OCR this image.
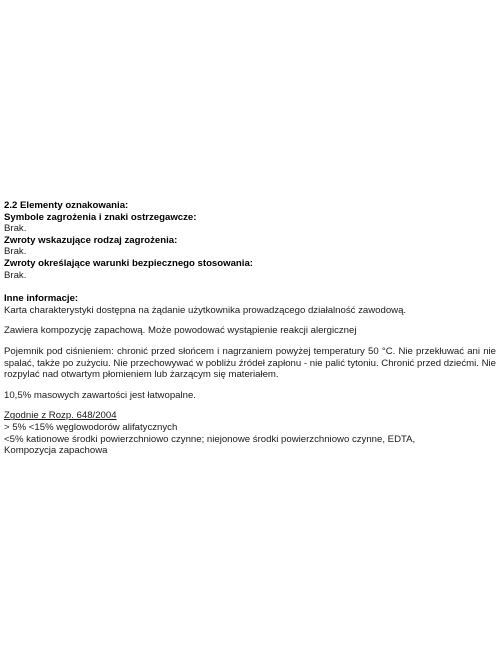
2.2 Elementy oznakowania:
Symbole zagrożenia i znaki ostrzegawcze:
Brak.
Zwroty wskazujące rodzaj zagrożenia:
Brak.
Zwroty określające warunki bezpiecznego stosowania:
Brak.
Inne informacje:
Karta charakterystyki dostępna na żądanie użytkownika prowadzącego działalność zawodową.
Zawiera kompozycję zapachową. Może powodować wystąpienie reakcji alergicznej
Pojemnik pod ciśnieniem: chronić przed słońcem i nagrzaniem powyżej temperatury 50 °C. Nie przekłuwać ani nie spalać, także po zużyciu. Nie przechowywać w pobliżu źródeł zapłonu - nie palić tytoniu. Chronić przed dziećmi. Nie rozpylać nad otwartym płomieniem lub żarzącym się materiałem.
10,5% masowych zawartości jest łatwopalne.
Zgodnie z Rozp. 648/2004
> 5% <15% węglowodorów alifatycznych
<5% kationowe środki powierzchniowo czynne; niejonowe środki powierzchniowo czynne, EDTA,
Kompozycja zapachowa
